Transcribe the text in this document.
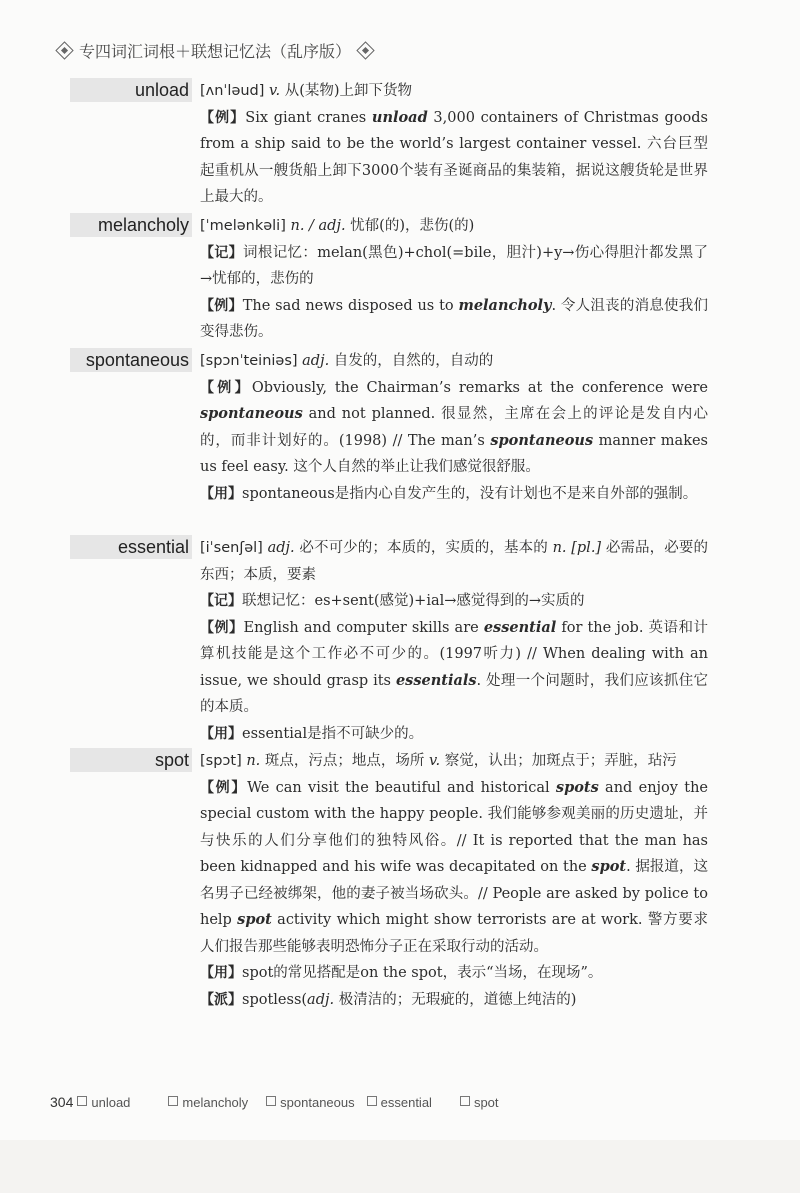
专四词汇词根＋联想记忆法（乱序版）
unload [ʌnˈləud] v. 从(某物)上卸下货物

【例】Six giant cranes unload 3,000 containers of Christmas goods from a ship said to be the world’s largest container vessel. 六台巨型起重机从一艘货船上卸下3000个装有圣诞商品的集装箱，据说这艘货轮是世界上最大的。

melancholy [ˈmelənkəli] n. / adj. 忧郁(的)，悲伤(的)

【记】词根记忆：melan(黑色)+chol(=bile，胆汁)+y→伤心得胆汁都发黑了→忧郁的，悲伤的

【例】The sad news disposed us to melancholy. 令人沮丧的消息使我们变得悲伤。

spontaneous [spɔnˈteiniəs] adj. 自发的，自然的，自动的

【例】Obviously, the Chairman’s remarks at the conference were spontaneous and not planned. 很显然，主席在会上的评论是发自内心的，而非计划好的。(1998) // The man’s spontaneous manner makes us feel easy. 这个人自然的举止让我们感觉很舒服。

【用】spontaneous是指内心自发产生的，没有计划也不是来自外部的强制。

essential [iˈsenʃəl] adj. 必不可少的；本质的，实质的，基本的 n. [pl.] 必需品，必要的东西；本质，要素

【记】联想记忆：es+sent(感觉)+ial→感觉得到的→实质的

【例】English and computer skills are essential for the job. 英语和计算机技能是这个工作必不可少的。(1997听力) // When dealing with an issue, we should grasp its essentials. 处理一个问题时，我们应该抓住它的本质。

【用】essential是指不可缺少的。

spot [spɔt] n. 斑点，污点；地点，场所 v. 察觉，认出；加斑点于；弄脏，玷污

【例】We can visit the beautiful and historical spots and enjoy the special custom with the happy people. 我们能够参观美丽的历史遗址，并与快乐的人们分享他们的独特风俗。// It is reported that the man has been kidnapped and his wife was decapitated on the spot. 据报道，这名男子已经被绑架，他的妻子被当场砍头。// People are asked by police to help spot activity which might show terrorists are at work. 警方要求人们报告那些能够表明恐怖分子正在采取行动的活动。

【用】spot的常见搭配是on the spot，表示“当场，在现场”。

【派】spotless(adj. 极清洁的；无瑕疵的，道德上纯洁的)

304 unload	melancholy spontaneous essential	spot
